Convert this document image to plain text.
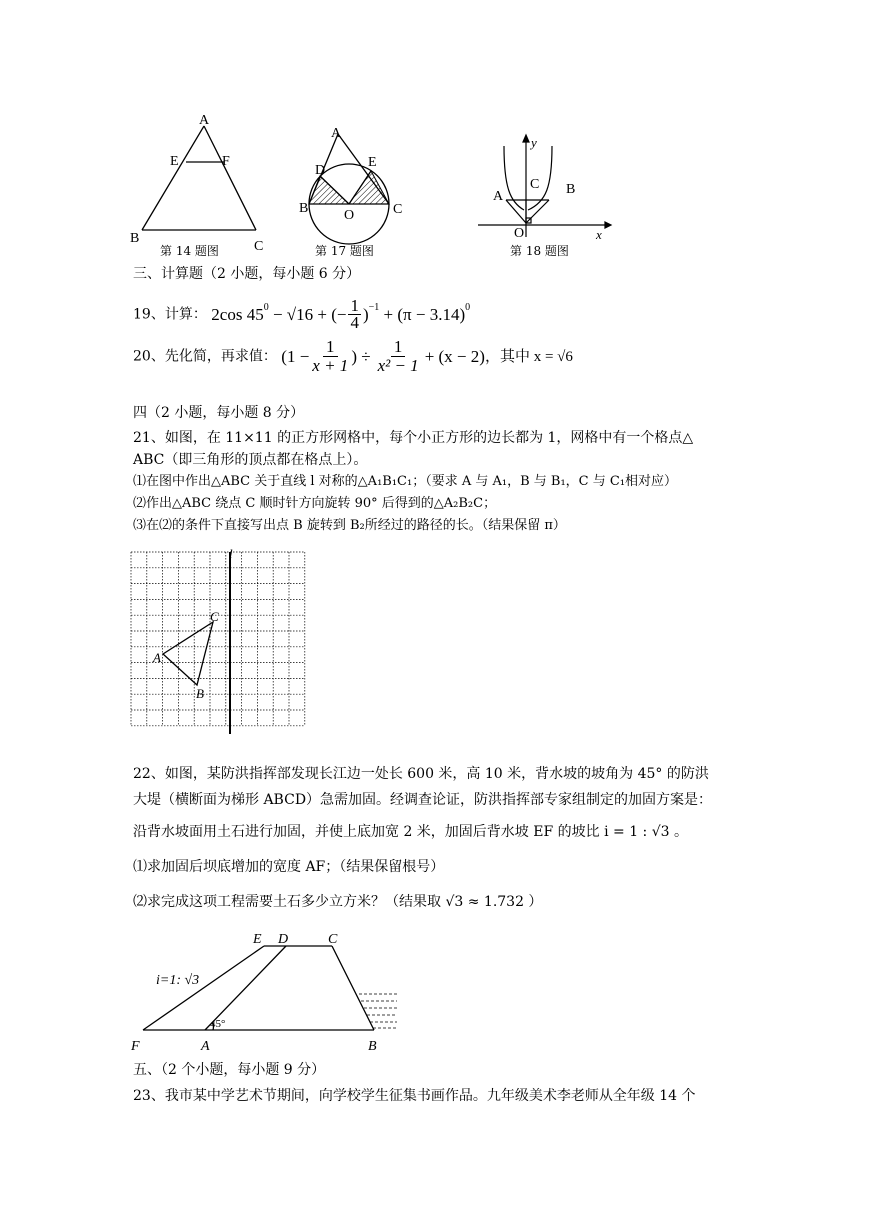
A
E	F
B
C
第 14 题图
A
D
E
B	O	C
第 17 题图
y
A
C B
O	x
第 18 题图
三、计算题（2 小题，每小题 6 分）
19、计算： 2cos $45^0 - √16$ + (− $\frac{1}{4} )^{-1} + (\pi - 3.14)^0$
20、先化简，再求值： ($1 - \frac{1}{x + 1}$ ) ÷ $\frac{1}{\text{x² − 1}} + (x - 2)$ ，其中 x = √6
四（2 小题，每小题 8 分）
21、如图，在 11×11 的正方形网格中，每个小正方形的边长都为 1，网格中有一个格点△
ABC（即三角形的顶点都在格点上）。
⑴在图中作出△ABC 关于直线 l 对称的△A₁B₁C₁；（要求 A 与 A₁，B 与 B₁，C 与 C₁相对应）
⑵作出△ABC 绕点 C 顺时针方向旋转 90° 后得到的△A₂B₂C；
⑶在⑵的条件下直接写出点 B 旋转到 B₂所经过的路径的长。（结果保留 π）
l
A
B
C
22、如图，某防洪指挥部发现长江边一处长 600 米，高 10 米，背水坡的坡角为 45° 的防洪
大堤（横断面为梯形 ABCD）急需加固。经调查论证，防洪指挥部专家组制定的加固方案是：
沿背水坡面用土石进行加固，并使上底加宽 2 米，加固后背水坡 EF 的坡比 i = 1 : √3 。
⑴求加固后坝底增加的宽度 AF；（结果保留根号）
⑵求完成这项工程需要土石多少立方米？（结果取 √3 ≈ 1.732 ）
E D	C
i=1: √3
45°
F	A	B
五、（2 个小题，每小题 9 分）
23、我市某中学艺术节期间，向学校学生征集书画作品。九年级美术李老师从全年级 14 个
